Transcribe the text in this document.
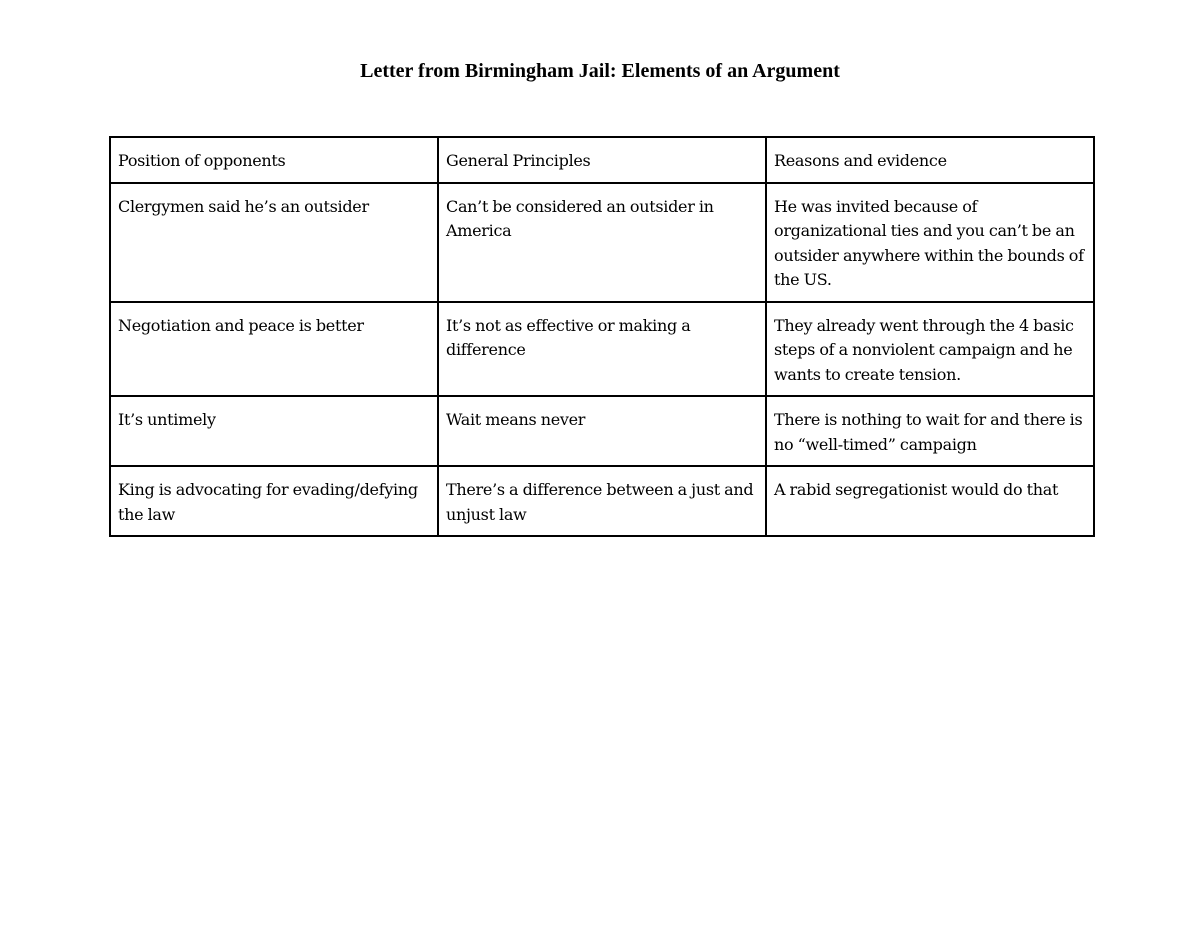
Letter from Birmingham Jail: Elements of an Argument
Position of opponents	General Principles	Reasons and evidence
Clergymen said he’s an outsider	Can’t be considered an outsider in America	He was invited because of organizational ties and you can’t be an outsider anywhere within the bounds of the US.
Negotiation and peace is better	It’s not as effective or making a difference	They already went through the 4 basic steps of a nonviolent campaign and he wants to create tension.
It’s untimely	Wait means never	There is nothing to wait for and there is no “well-timed” campaign
King is advocating for evading/defying the law	There’s a difference between a just and unjust law	A rabid segregationist would do that
